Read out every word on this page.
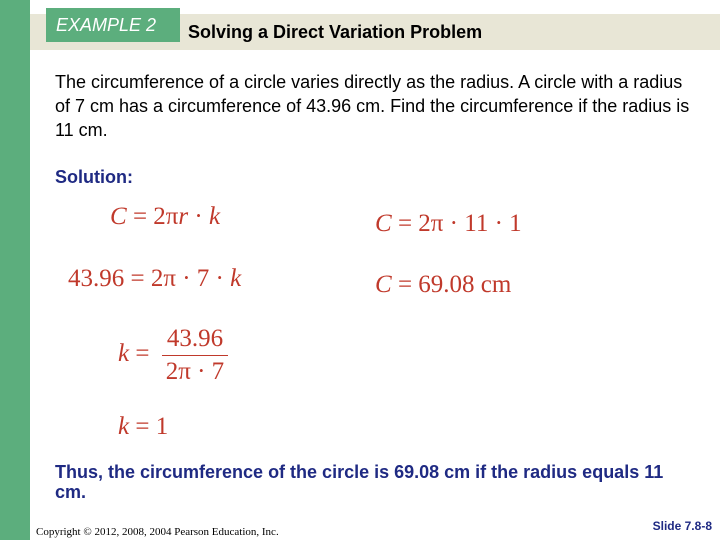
EXAMPLE 2	Solving a Direct Variation Problem
The circumference of a circle varies directly as the radius. A circle with a radius of 7 cm has a circumference of 43.96 cm. Find the circumference if the radius is 11 cm.
Solution:
C = 2πr · k
43.96 = 2π · 7 · k
$k = \frac{43.96}{2\pi \cdot 7}$
k = 1
C = 2π · 11 · 1
C = 69.08 cm
Thus, the circumference of the circle is 69.08 cm if the radius equals 11 cm.
Copyright © 2012, 2008, 2004 Pearson Education, Inc.	Slide 7.8-8
